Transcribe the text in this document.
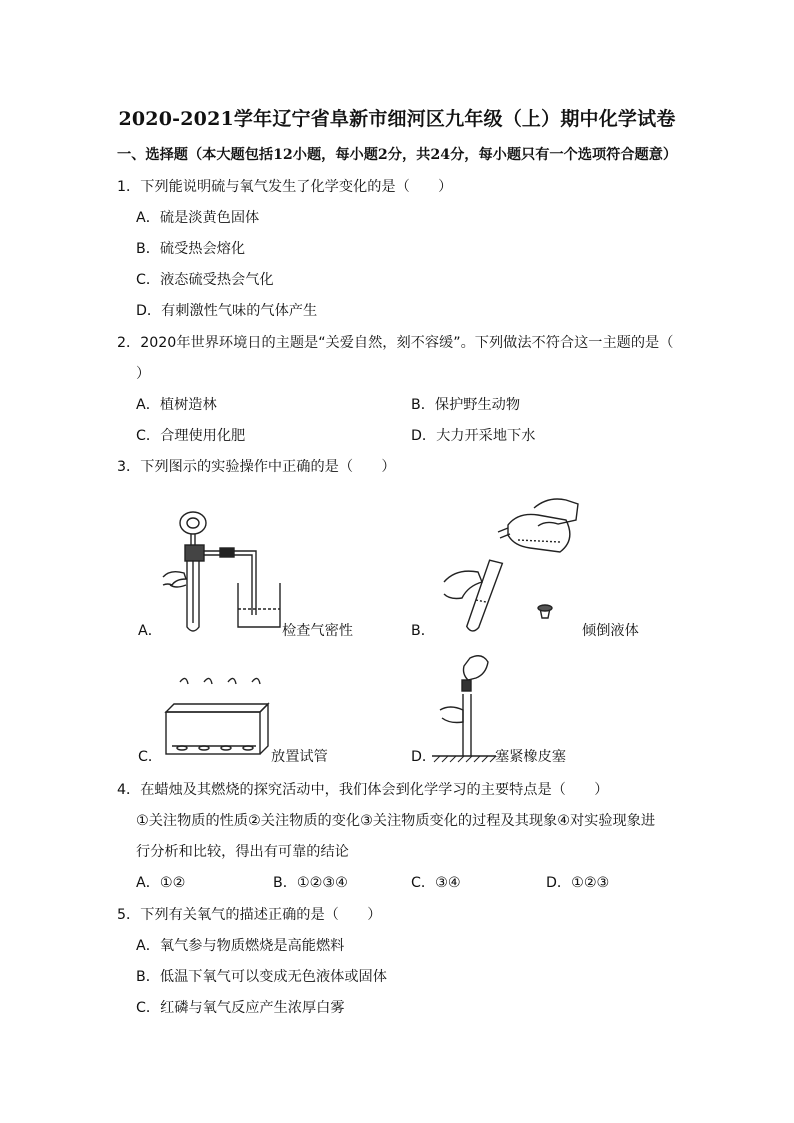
2020-2021学年辽宁省阜新市细河区九年级（上）期中化学试卷
一、选择题（本大题包括12小题，每小题2分，共24分，每小题只有一个选项符合题意）
1．下列能说明硫与氧气发生了化学变化的是（　　）
A．硫是淡黄色固体
B．硫受热会熔化
C．液态硫受热会气化
D．有刺激性气味的气体产生
2．2020年世界环境日的主题是“关爱自然，刻不容缓”。下列做法不符合这一主题的是（
）
A．植树造林	B．保护野生动物
C．合理使用化肥	D．大力开采地下水
3．下列图示的实验操作中正确的是（　　）
A．	检查气密性	B．	倾倒液体
C．	放置试管	D．	塞紧橡皮塞
4．在蜡烛及其燃烧的探究活动中，我们体会到化学学习的主要特点是（　　）
①关注物质的性质②关注物质的变化③关注物质变化的过程及其现象④对实验现象进
行分析和比较，得出有可靠的结论
A．①②	B．①②③④	C．③④	D．①②③
5．下列有关氧气的描述正确的是（　　）
A．氧气参与物质燃烧是高能燃料
B．低温下氧气可以变成无色液体或固体
C．红磷与氧气反应产生浓厚白雾
